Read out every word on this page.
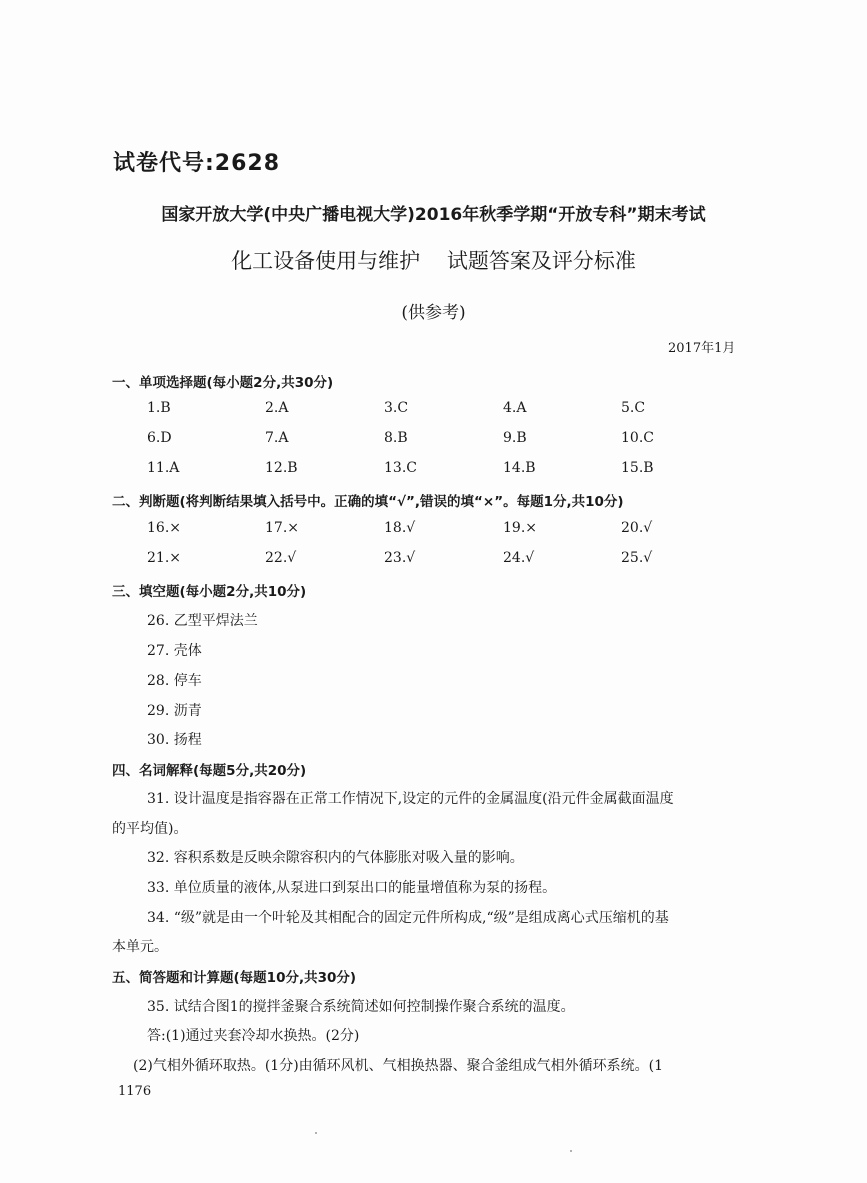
试卷代号:2628
国家开放大学(中央广播电视大学)2016年秋季学期“开放专科”期末考试
化工设备使用与维护    试题答案及评分标准
(供参考)
2017年1月
一、单项选择题(每小题2分,共30分)
1.B	2.A	3.C	4.A	5.C
6.D	7.A	8.B	9.B	10.C
11.A	12.B	13.C	14.B	15.B
二、判断题(将判断结果填入括号中。正确的填“√”,错误的填“×”。每题1分,共10分)
16.×	17.×	18.√	19.×	20.√
21.×	22.√	23.√	24.√	25.√
三、填空题(每小题2分,共10分)
26. 乙型平焊法兰
27. 壳体
28. 停车
29. 沥青
30. 扬程
四、名词解释(每题5分,共20分)
31. 设计温度是指容器在正常工作情况下,设定的元件的金属温度(沿元件金属截面温度
的平均值)。
32. 容积系数是反映余隙容积内的气体膨胀对吸入量的影响。
33. 单位质量的液体,从泵进口到泵出口的能量增值称为泵的扬程。
34. “级”就是由一个叶轮及其相配合的固定元件所构成,“级”是组成离心式压缩机的基
本单元。
五、简答题和计算题(每题10分,共30分)
35. 试结合图1的搅拌釜聚合系统简述如何控制操作聚合系统的温度。
答:(1)通过夹套冷却水换热。(2分)
(2)气相外循环取热。(1分)由循环风机、气相换热器、聚合釜组成气相外循环系统。(1
1176
